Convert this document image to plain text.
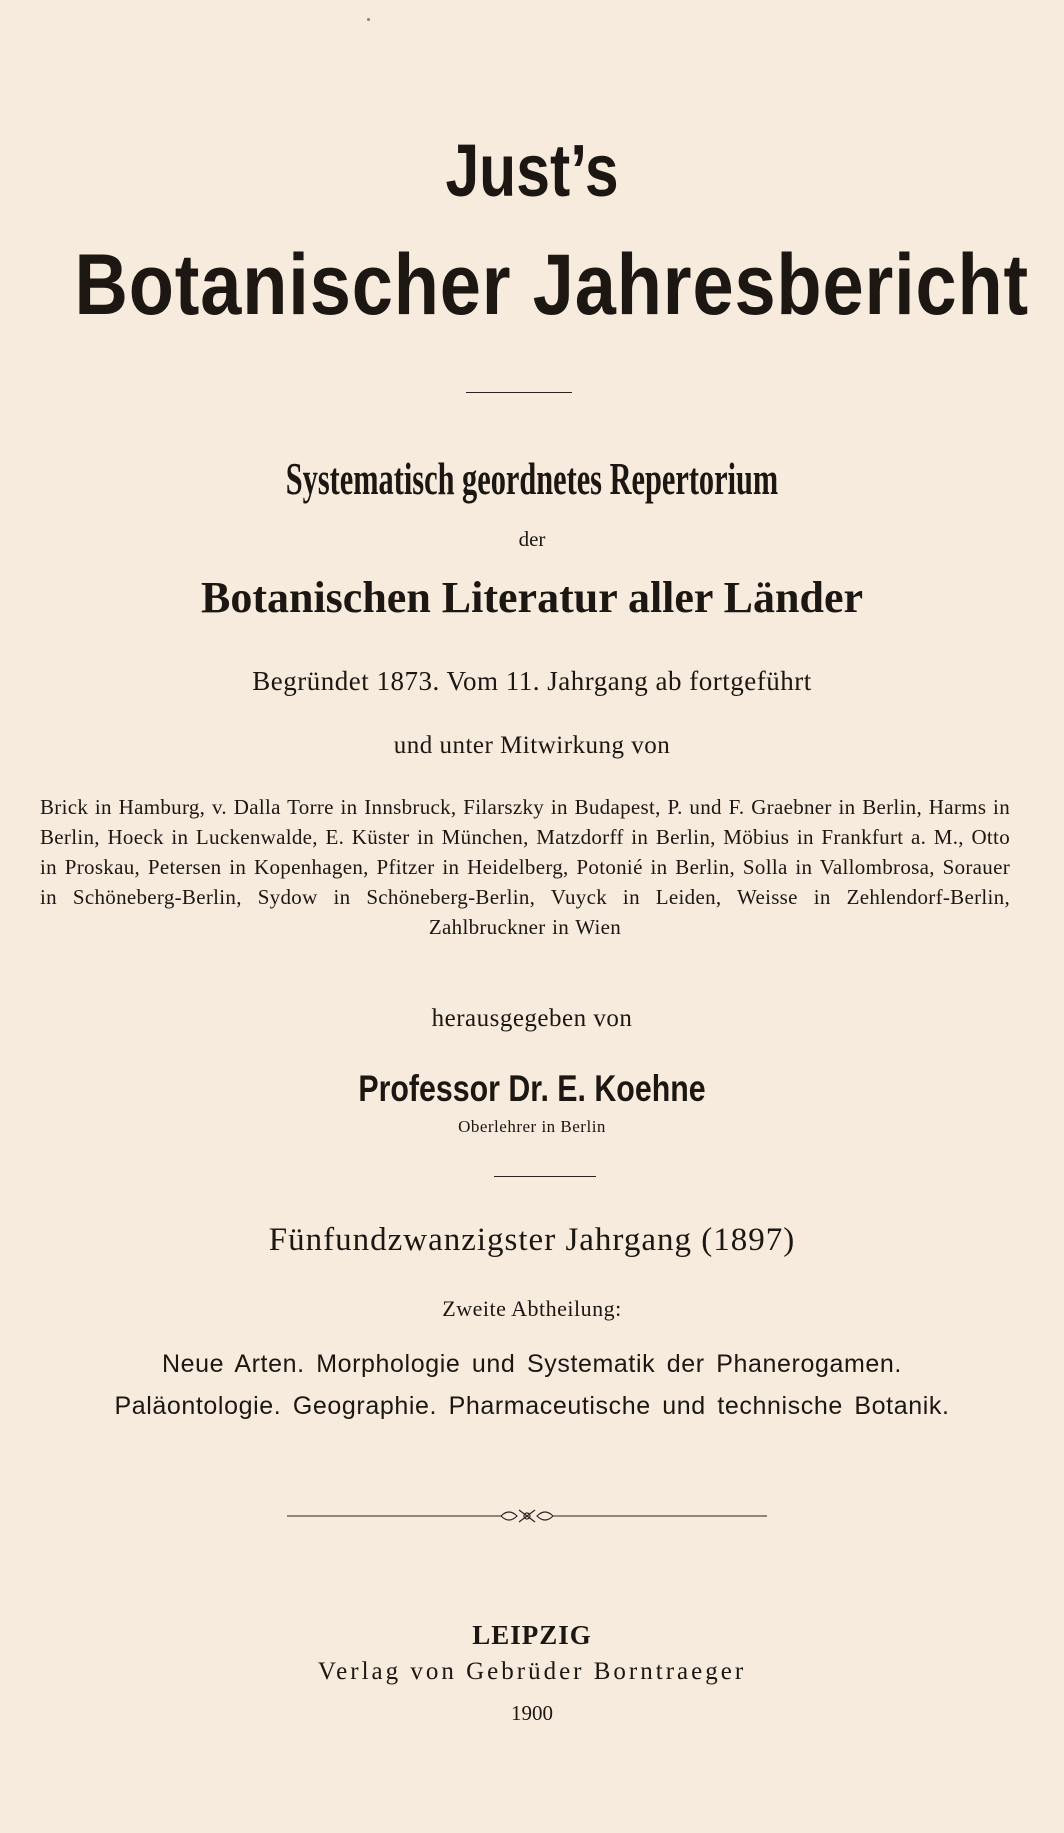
Just’s
Botanischer Jahresbericht
Systematisch geordnetes Repertorium
der
Botanischen Literatur aller Länder
Begründet 1873. Vom 11. Jahrgang ab fortgeführt
und unter Mitwirkung von
Brick in Hamburg, v. Dalla Torre in Innsbruck, Filarszky in Budapest, P. und F. Graebner in Berlin, Harms in Berlin, Hoeck in Luckenwalde, E. Küster in München, Matzdorff in Berlin, Möbius in Frankfurt a. M., Otto in Proskau, Petersen in Kopenhagen, Pfitzer in Heidelberg, Potonié in Berlin, Solla in Vallombrosa, Sorauer in Schöneberg-Berlin, Sydow in Schöneberg-Berlin, Vuyck in Leiden, Weisse in Zehlendorf-Berlin, Zahlbruckner in Wien
herausgegeben von
Professor Dr. E. Koehne
Oberlehrer in Berlin
Fünfundzwanzigster Jahrgang (1897)
Zweite Abtheilung:
Neue Arten. Morphologie und Systematik der Phanerogamen.
Paläontologie. Geographie. Pharmaceutische und technische Botanik.
LEIPZIG
Verlag von Gebrüder Borntraeger
1900
